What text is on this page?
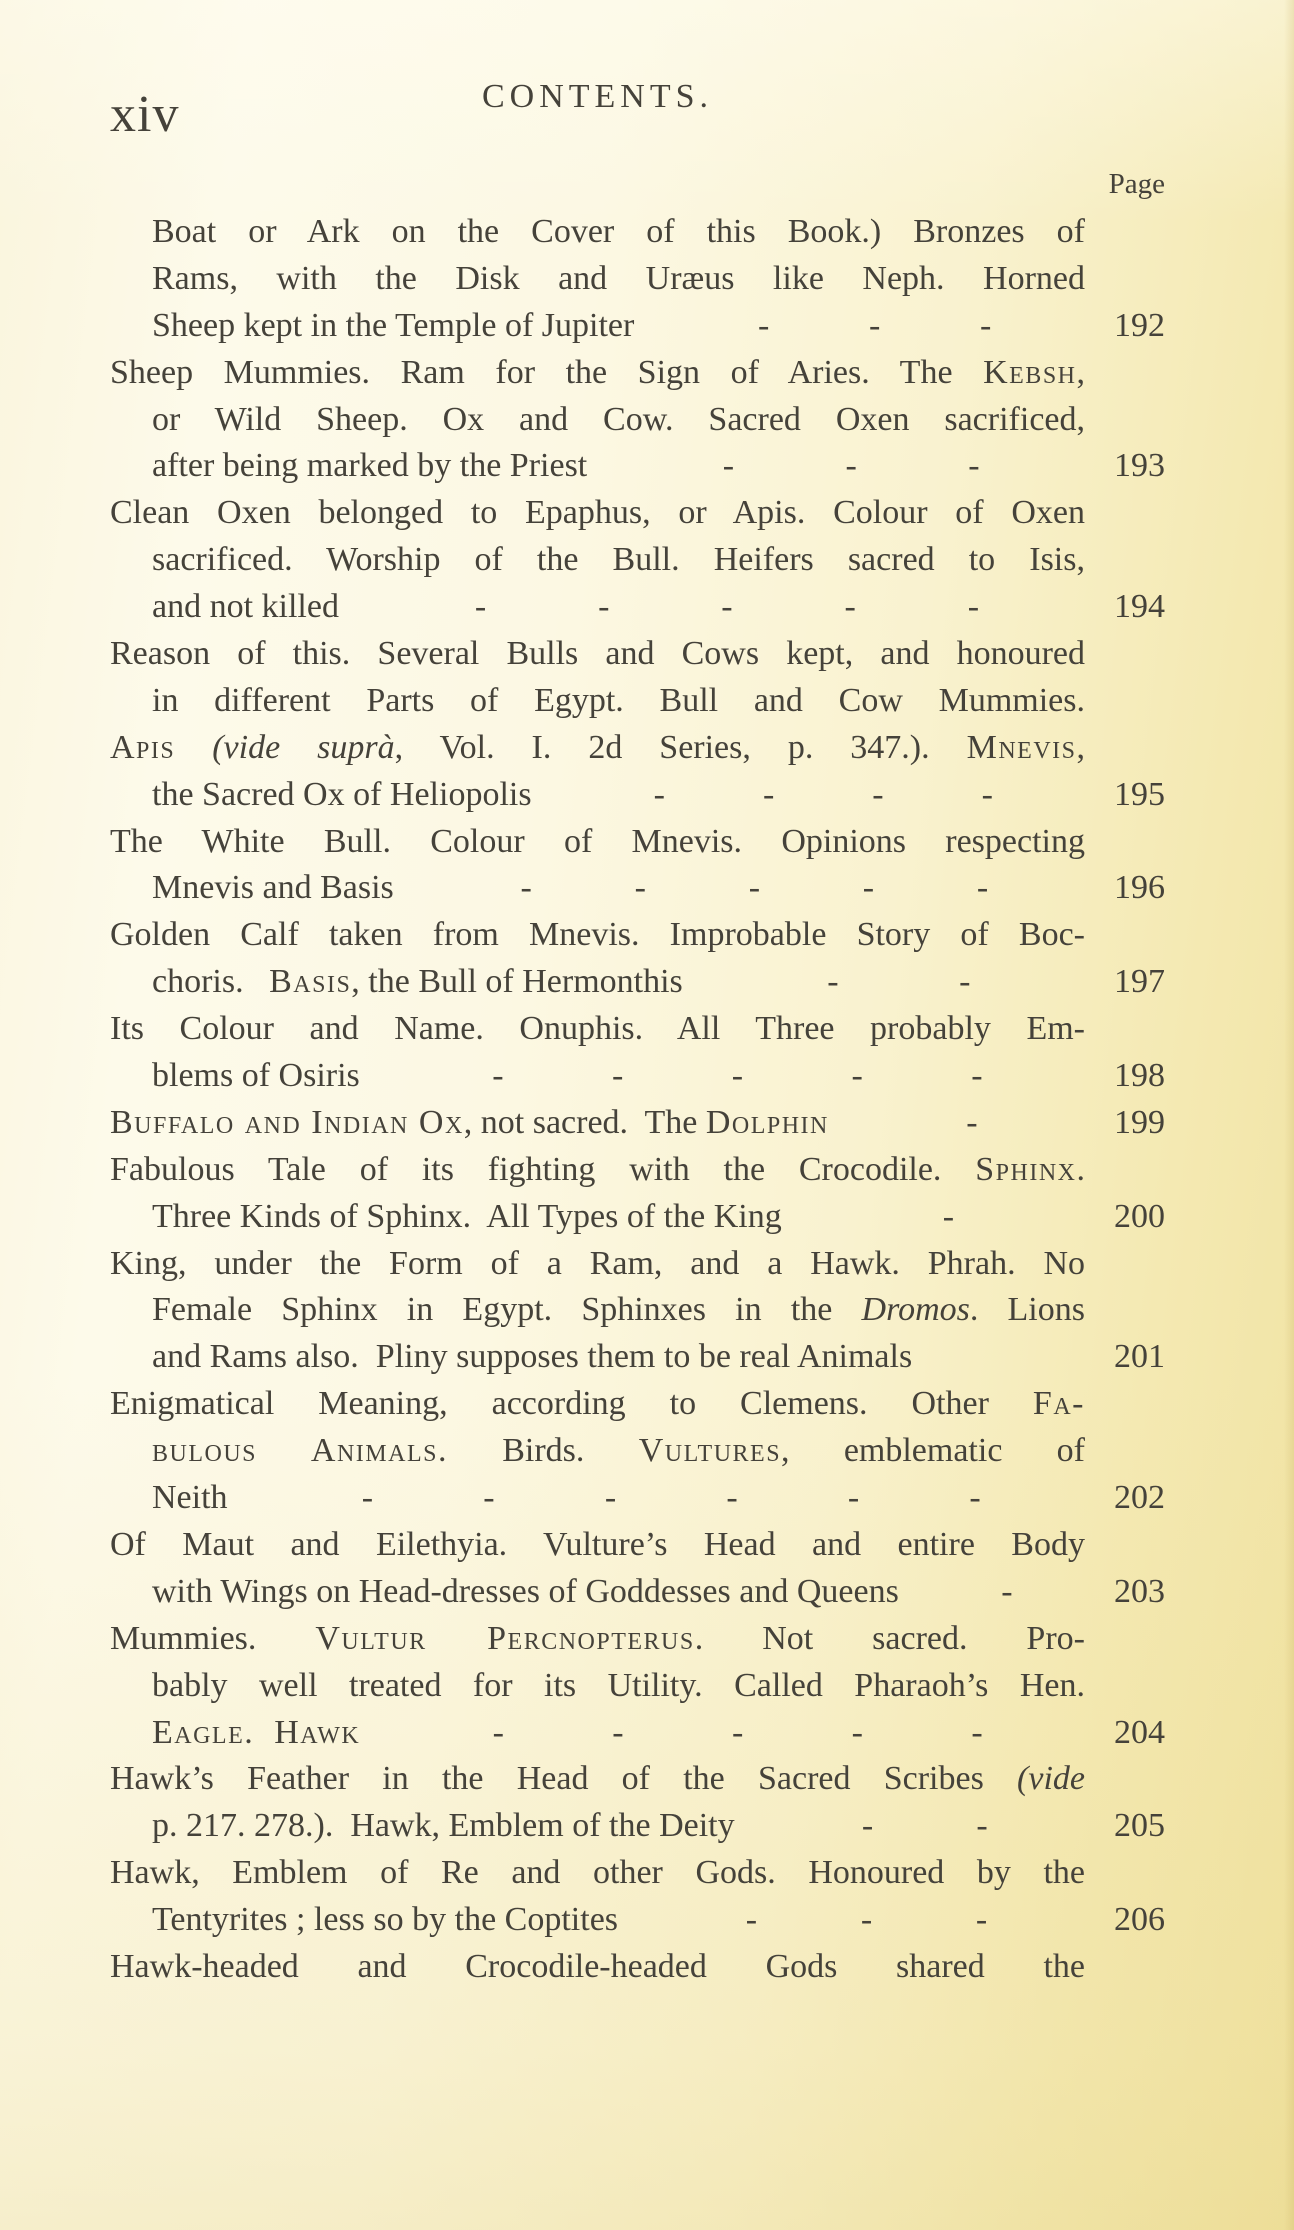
xiv	CONTENTS.
Page
Boat or Ark on the Cover of this Book.) Bronzes of
Rams, with the Disk and Uræus like Neph. Horned
Sheep kept in the Temple of Jupiter	-	-	-	192
Sheep Mummies. Ram for the Sign of Aries. The Kebsh,
or Wild Sheep. Ox and Cow. Sacred Oxen sacrificed,
after being marked by the Priest	-	-	-	193
Clean Oxen belonged to Epaphus, or Apis. Colour of Oxen
sacrificed. Worship of the Bull. Heifers sacred to Isis,
and not killed	-	-	-	-	-	194
Reason of this. Several Bulls and Cows kept, and honoured
in different Parts of Egypt. Bull and Cow Mummies.
Apis (vide suprà, Vol. I. 2d Series, p. 347.). Mnevis,
the Sacred Ox of Heliopolis	-	-	-	-	195
The White Bull. Colour of Mnevis. Opinions respecting
Mnevis and Basis	-	-	-	-	-	196
Golden Calf taken from Mnevis. Improbable Story of Boc-
choris.   Basis, the Bull of Hermonthis	-	-	197
Its Colour and Name. Onuphis. All Three probably Em-
blems of Osiris	-	-	-	-	-	198
Buffalo and Indian Ox, not sacred.  The Dolphin	-	199
Fabulous Tale of its fighting with the Crocodile. Sphinx.
Three Kinds of Sphinx.  All Types of the King	-	200
King, under the Form of a Ram, and a Hawk. Phrah. No
Female Sphinx in Egypt. Sphinxes in the Dromos. Lions
and Rams also.  Pliny supposes them to be real Animals	201
Enigmatical Meaning, according to Clemens. Other Fa-
bulous Animals. Birds. Vultures, emblematic of
Neith	-	-	-	-	-	-	202
Of Maut and Eilethyia. Vulture’s Head and entire Body
with Wings on Head-dresses of Goddesses and Queens	-	203
Mummies. Vultur Percnopterus. Not sacred. Pro-
bably well treated for its Utility. Called Pharaoh’s Hen.
Eagle.  Hawk	-	-	-	-	-	204
Hawk’s Feather in the Head of the Sacred Scribes (vide
p. 217. 278.).  Hawk, Emblem of the Deity	-	-	205
Hawk, Emblem of Re and other Gods. Honoured by the
Tentyrites ; less so by the Coptites	-	-	-	206
Hawk-headed and Crocodile-headed Gods shared the
